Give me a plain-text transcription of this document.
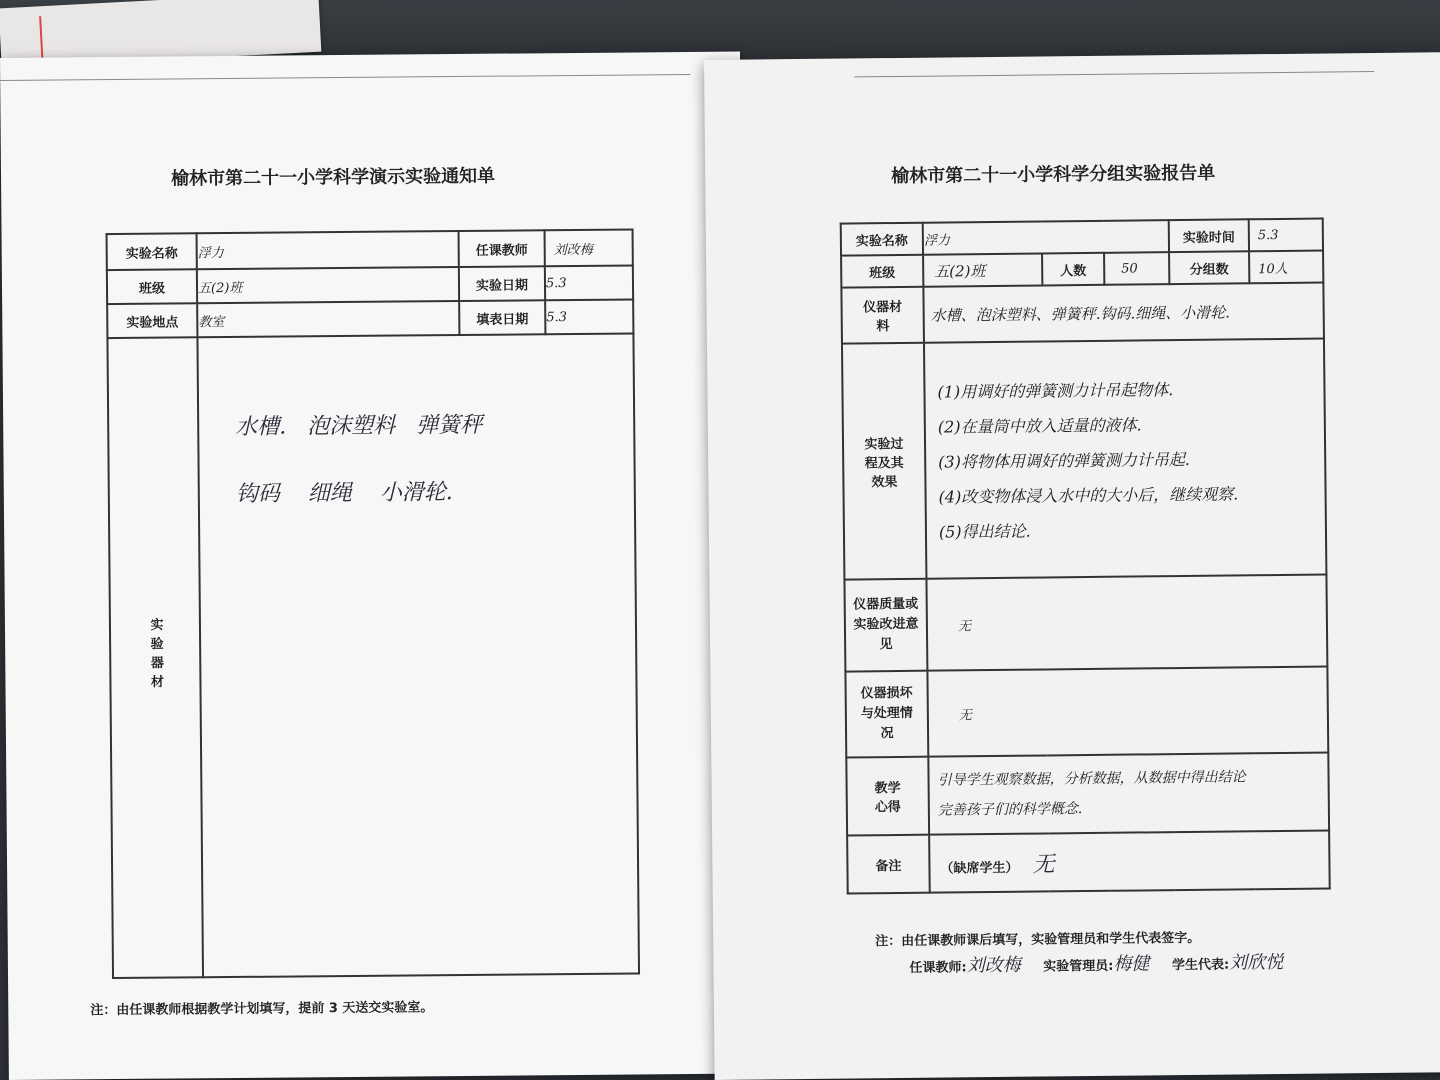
榆林市第二十一小学科学演示实验通知单
实验名称	浮力	任课教师	刘改梅
班级	五(2)班	实验日期	5.3
实验地点	教室	填表日期	5.3
实验器材	水槽.   泡沫塑料   弹簧秤
钩码    细绳    小滑轮.		
注：由任课教师根据教学计划填写，提前 3 天送交实验室。
榆林市第二十一小学科学分组实验报告单
实验名称	浮力			实验时间	5.3
班级	五(2)班	人数	50	分组数	10人
仪器材料	水槽、泡沫塑料、弹簧秤.钩码.细绳、小滑轮.				
实验过程及其效果	(1)用调好的弹簧测力计吊起物体.
(2)在量筒中放入适量的液体.
(3)将物体用调好的弹簧测力计吊起.
(4)改变物体浸入水中的大小后，继续观察.
(5)得出结论.				

仪器质量或实验改进意见	无				
仪器损坏与处理情况	无				
教学心得	引导学生观察数据，分析数据，从数据中得出结论
完善孩子们的科学概念.				

备注	（缺席学生） 无				
注：由任课教师课后填写，实验管理员和学生代表签字。
任课教师:刘改梅 实验管理员:梅健 学生代表:刘欣悦
